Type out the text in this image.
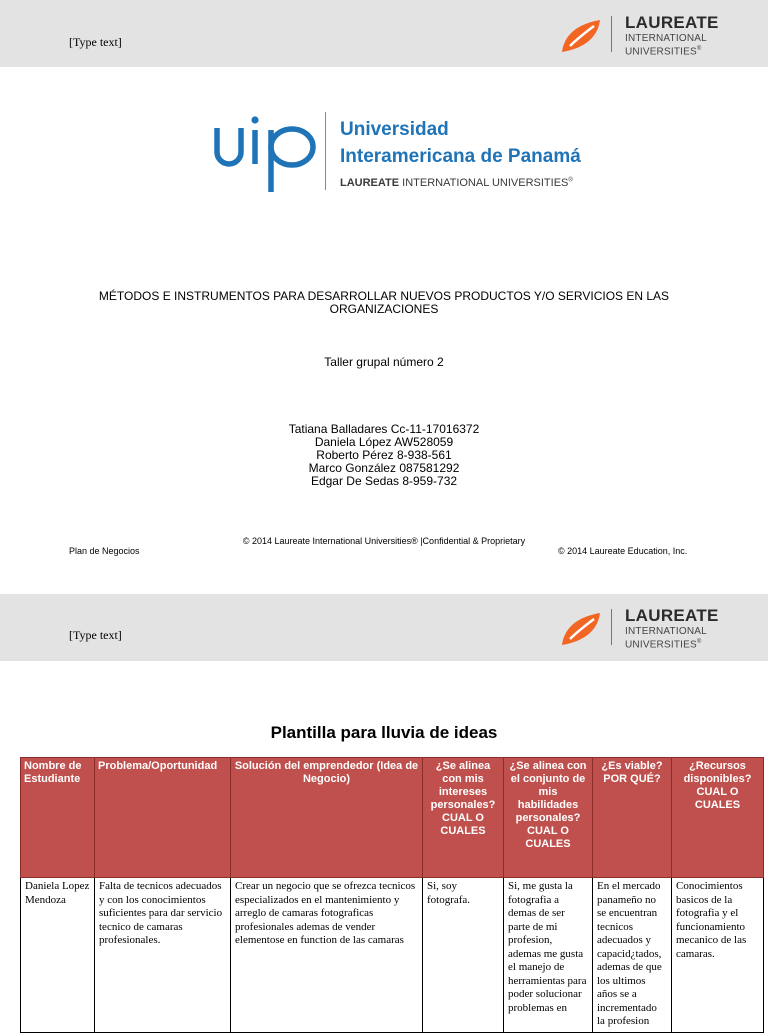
[Type text]
LAUREATE
INTERNATIONAL
UNIVERSITIES®
Universidad
Interamericana de Panamá
LAUREATE INTERNATIONAL UNIVERSITIES®
MÉTODOS E INSTRUMENTOS PARA DESARROLLAR NUEVOS PRODUCTOS Y/O SERVICIOS EN LAS
ORGANIZACIONES
Taller grupal número 2
Tatiana Balladares Cc-11-17016372
Daniela López AW528059
Roberto Pérez 8-938-561
Marco González 087581292
Edgar De Sedas 8-959-732
© 2014 Laureate International Universities® |Confidential & Proprietary
Plan de Negocios	© 2014 Laureate Education, Inc.
[Type text]
LAUREATE
INTERNATIONAL
UNIVERSITIES®
Plantilla para lluvia de ideas
Nombre de Estudiante	Problema/Oportunidad	Solución del emprendedor (Idea de Negocio)	¿Se alinea con mis intereses personales? CUAL O CUALES	¿Se alinea con el conjunto de mis habilidades personales? CUAL O CUALES	¿Es viable? POR QUÉ?	¿Recursos disponibles? CUAL O CUALES
Daniela Lopez Mendoza	Falta de tecnicos adecuados y con los conocimientos suficientes para dar servicio tecnico de camaras profesionales.	Crear un negocio que se ofrezca tecnicos especializados en el mantenimiento y arreglo de camaras fotograficas profesionales ademas de vender elementose en function de las camaras	Si, soy fotografa.	Si, me gusta la fotografia a demas de ser parte de mi profesion, ademas me gusta el manejo de herramientas para poder solucionar problemas en	En el mercado panameño no se encuentran tecnicos adecuados y capacid¿tados, ademas de que los ultimos años se a incrementado la profesion	Conocimientos basicos de la fotografia y el funcionamiento mecanico de las camaras.
